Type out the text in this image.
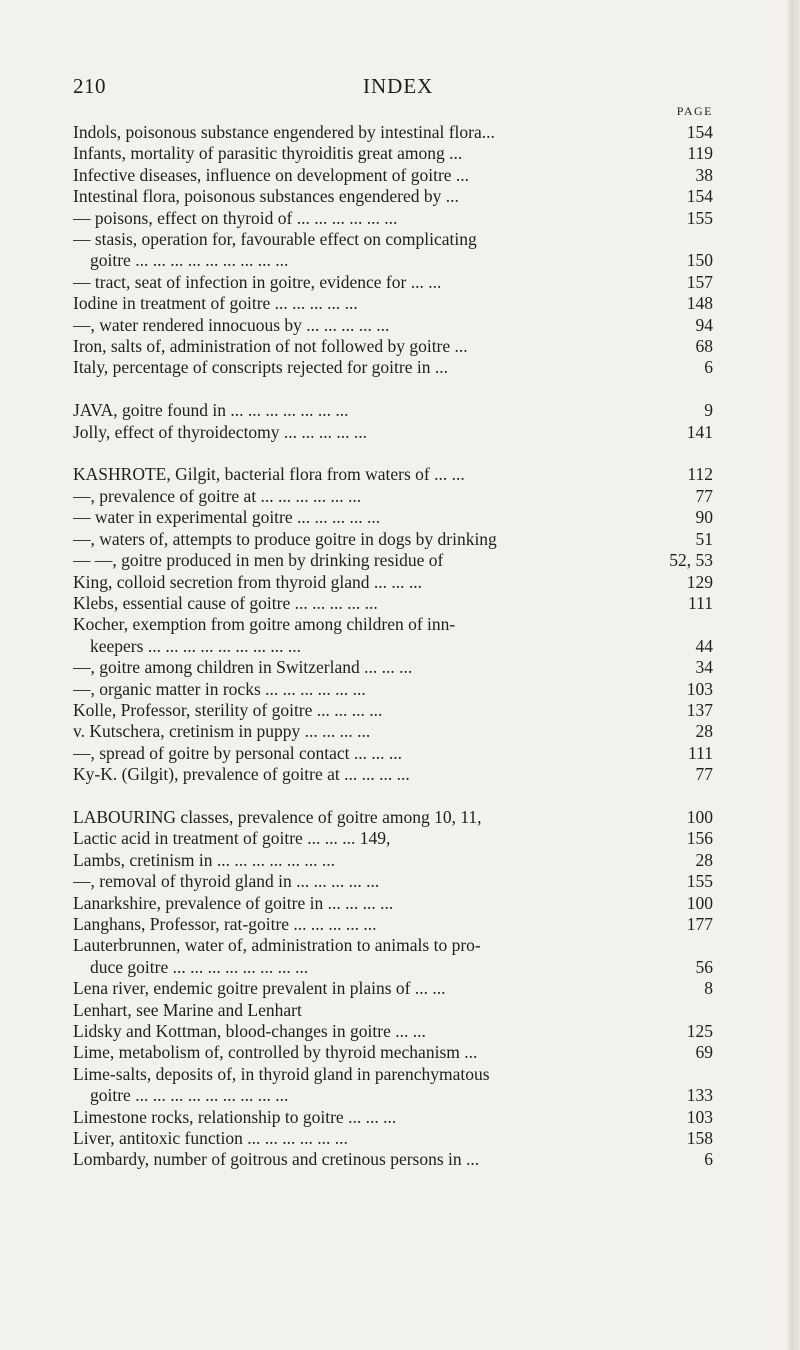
210	INDEX
PAGE
Indols, poisonous substance engendered by intestinal flora...	154
Infants, mortality of parasitic thyroiditis great among ...	119
Infective diseases, influence on development of goitre ...	38
Intestinal flora, poisonous substances engendered by ...	154
— poisons, effect on thyroid of ... ... ... ... ... ...	155
— stasis, operation for, favourable effect on complicating
goitre ... ... ... ... ... ... ... ... ...	150
— tract, seat of infection in goitre, evidence for ... ...	157
Iodine in treatment of goitre ... ... ... ... ...	148
—, water rendered innocuous by ... ... ... ... ...	94
Iron, salts of, administration of not followed by goitre ...	68
Italy, percentage of conscripts rejected for goitre in ...	6
JAVA, goitre found in ... ... ... ... ... ... ...	9
Jolly, effect of thyroidectomy ... ... ... ... ...	141
KASHROTE, Gilgit, bacterial flora from waters of ... ...	112
—, prevalence of goitre at ... ... ... ... ... ...	77
— water in experimental goitre ... ... ... ... ...	90
—, waters of, attempts to produce goitre in dogs by drinking	51
— —, goitre produced in men by drinking residue of	52, 53
King, colloid secretion from thyroid gland ... ... ...	129
Klebs, essential cause of goitre ... ... ... ... ...	111
Kocher, exemption from goitre among children of inn-
keepers ... ... ... ... ... ... ... ... ...	44
—, goitre among children in Switzerland ... ... ...	34
—, organic matter in rocks ... ... ... ... ... ...	103
Kolle, Professor, sterility of goitre ... ... ... ...	137
v. Kutschera, cretinism in puppy ... ... ... ...	28
—, spread of goitre by personal contact ... ... ...	111
Ky-K. (Gilgit), prevalence of goitre at ... ... ... ...	77
LABOURING classes, prevalence of goitre among 10, 11,	100
Lactic acid in treatment of goitre ... ... ... 149,	156
Lambs, cretinism in ... ... ... ... ... ... ...	28
—, removal of thyroid gland in ... ... ... ... ...	155
Lanarkshire, prevalence of goitre in ... ... ... ...	100
Langhans, Professor, rat-goitre ... ... ... ... ...	177
Lauterbrunnen, water of, administration to animals to pro-
duce goitre ... ... ... ... ... ... ... ...	56
Lena river, endemic goitre prevalent in plains of ... ...	8
Lenhart, see Marine and Lenhart
Lidsky and Kottman, blood-changes in goitre ... ...	125
Lime, metabolism of, controlled by thyroid mechanism ...	69
Lime-salts, deposits of, in thyroid gland in parenchymatous
goitre ... ... ... ... ... ... ... ... ...	133
Limestone rocks, relationship to goitre ... ... ...	103
Liver, antitoxic function ... ... ... ... ... ...	158
Lombardy, number of goitrous and cretinous persons in ...	6
